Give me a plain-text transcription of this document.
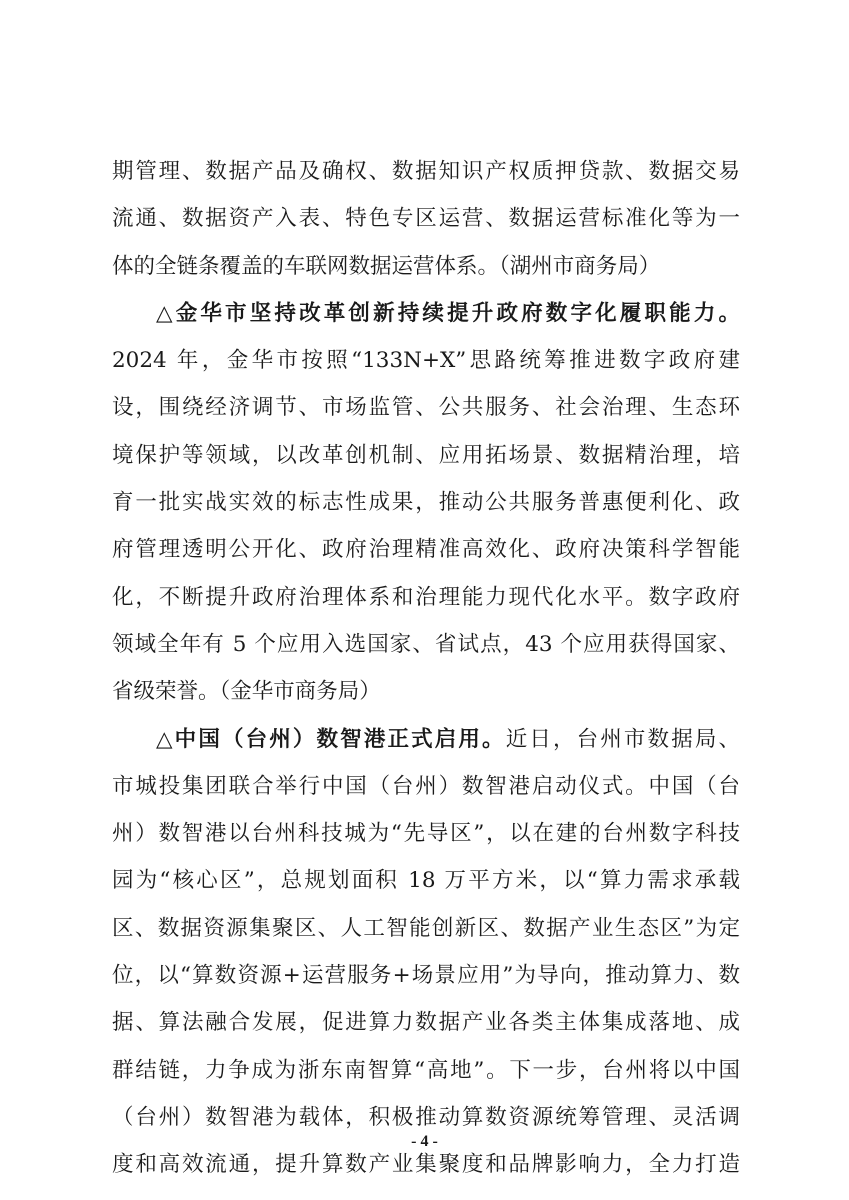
期管理、数据产品及确权、数据知识产权质押贷款、数据交易
流通、数据资产入表、特色专区运营、数据运营标准化等为一
体的全链条覆盖的车联网数据运营体系。（湖州市商务局）
△金华市坚持改革创新持续提升政府数字化履职能力。
2024 年，金华市按照“133N+X”思路统筹推进数字政府建
设，围绕经济调节、市场监管、公共服务、社会治理、生态环
境保护等领域，以改革创机制、应用拓场景、数据精治理，培
育一批实战实效的标志性成果，推动公共服务普惠便利化、政
府管理透明公开化、政府治理精准高效化、政府决策科学智能
化，不断提升政府治理体系和治理能力现代化水平。数字政府
领域全年有 5 个应用入选国家、省试点，43 个应用获得国家、
省级荣誉。（金华市商务局）
△中国（台州）数智港正式启用。近日，台州市数据局、
市城投集团联合举行中国（台州）数智港启动仪式。中国（台
州）数智港以台州科技城为“先导区”，以在建的台州数字科技
园为“核心区”，总规划面积 18 万平方米，以“算力需求承载
区、数据资源集聚区、人工智能创新区、数据产业生态区”为定
位，以“算数资源+运营服务+场景应用”为导向，推动算力、数
据、算法融合发展，促进算力数据产业各类主体集成落地、成
群结链，力争成为浙东南智算“高地”。下一步，台州将以中国
（台州）数智港为载体，积极推动算数资源统筹管理、灵活调
度和高效流通，提升算数产业集聚度和品牌影响力，全力打造
- 4 -
